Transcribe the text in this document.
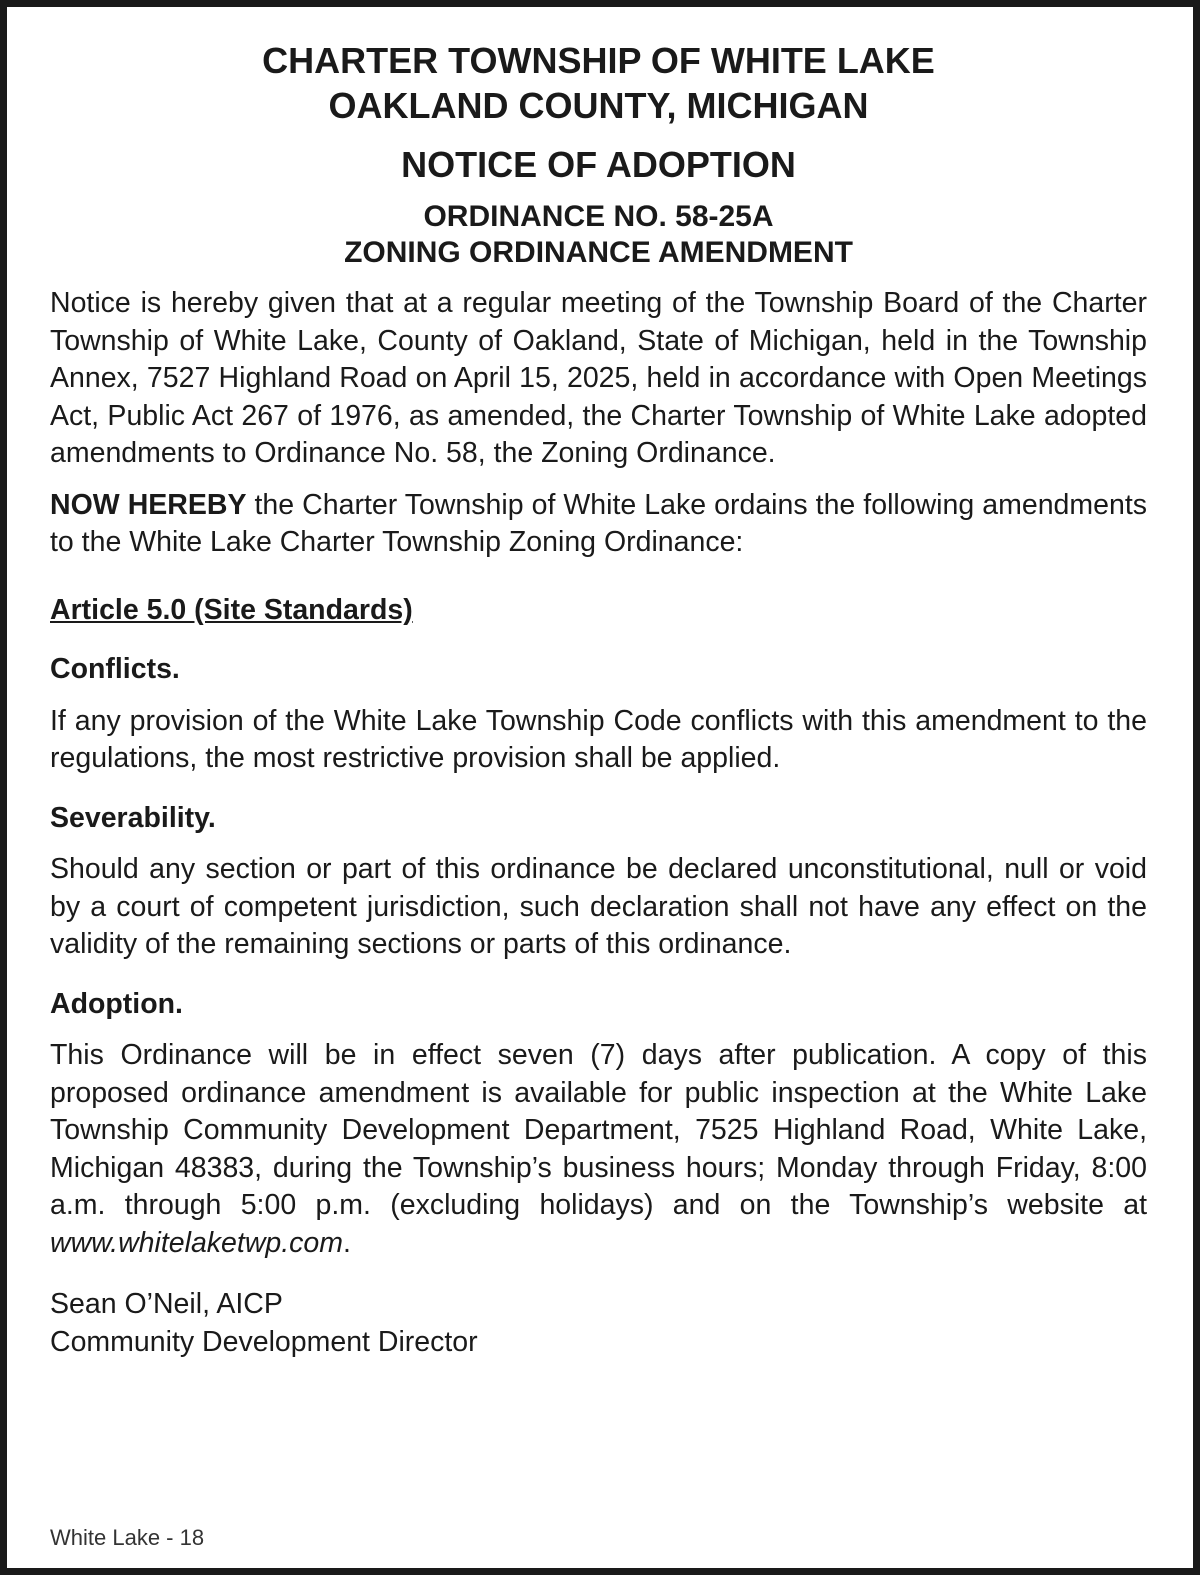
CHARTER TOWNSHIP OF WHITE LAKE

OAKLAND COUNTY, MICHIGAN

NOTICE OF ADOPTION

ORDINANCE NO. 58-25A
ZONING ORDINANCE AMENDMENT

Notice is hereby given that at a regular meeting of the Township Board of the Charter Township of White Lake, County of Oakland, State of Michigan, held in the Township Annex, 7527 Highland Road on April 15, 2025, held in accordance with Open Meetings Act, Public Act 267 of 1976, as amended, the Charter Township of White Lake adopted amendments to Ordinance No. 58, the Zoning Ordinance.

NOW HEREBY the Charter Township of White Lake ordains the following amendments to the White Lake Charter Township Zoning Ordinance:

Article 5.0 (Site Standards)

Conflicts.

If any provision of the White Lake Township Code conflicts with this amendment to the regulations, the most restrictive provision shall be applied.

Severability.

Should any section or part of this ordinance be declared unconstitutional, null or void by a court of competent jurisdiction, such declaration shall not have any effect on the validity of the remaining sections or parts of this ordinance.

Adoption.

This Ordinance will be in effect seven (7) days after publication. A copy of this proposed ordinance amendment is available for public inspection at the White Lake Township Community Development Department, 7525 Highland Road, White Lake, Michigan 48383, during the Township’s business hours; Monday through Friday, 8:00 a.m. through 5:00 p.m. (excluding holidays) and on the Township’s website at www.whitelaketwp.com.

Sean O’Neil, AICP
Community Development Director
White Lake - 18
